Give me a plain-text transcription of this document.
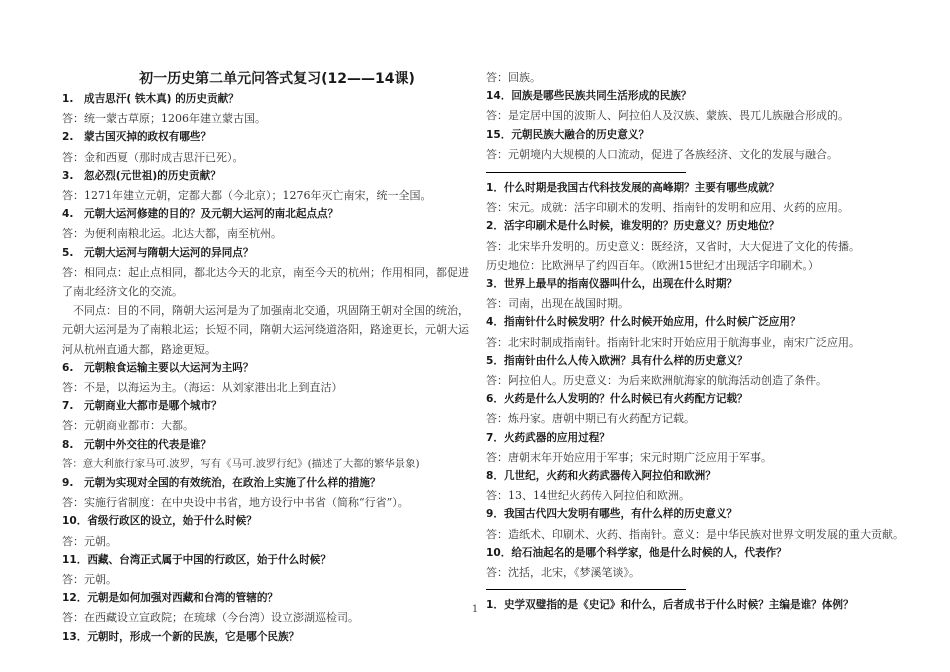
初一历史第二单元问答式复习(12——14课)
1.　成吉思汗( 铁木真) 的历史贡献？
答：统一蒙古草原；1206年建立蒙古国。
2.　蒙古国灭掉的政权有哪些？
答：金和西夏（那时成吉思汗已死）。
3.　忽必烈(元世祖)的历史贡献？
答：1271年建立元朝，定都大都（今北京）；1276年灭亡南宋，统一全国。
4.　元朝大运河修建的目的？及元朝大运河的南北起点点？
答：为便利南粮北运。北达大都，南至杭州。
5.　元朝大运河与隋朝大运河的异同点？
答：相同点：起止点相同，都北达今天的北京，南至今天的杭州；作用相同，都促进了南北经济文化的交流。
不同点：目的不同，隋朝大运河是为了加强南北交通，巩固隋王朝对全国的统治，元朝大运河是为了南粮北运；长短不同，隋朝大运河绕道洛阳，路途更长，元朝大运河从杭州直通大都，路途更短。
6.　元朝粮食运输主要以大运河为主吗？
答：不是，以海运为主。（海运：从刘家港出北上到直沽）
7.　元朝商业大都市是哪个城市？
答：元朝商业都市：大都。
8.　元朝中外交往的代表是谁？
答：意大利旅行家马可.波罗，写有《马可.波罗行纪》(描述了大都的繁华景象)
9.　元朝为实现对全国的有效统治，在政治上实施了什么样的措施？
答：实施行省制度：在中央设中书省，地方设行中书省（简称“行省”）。
10．省级行政区的设立，始于什么时候？
答：元朝。
11．西藏、台湾正式属于中国的行政区，始于什么时候？
答：元朝。
12．元朝是如何加强对西藏和台湾的管辖的？
答：在西藏设立宣政院；在琉球（今台湾）设立澎湖巡检司。
13．元朝时，形成一个新的民族，它是哪个民族？
答：回族。
14．回族是哪些民族共同生活形成的民族？
答：是定居中国的波斯人、阿拉伯人及汉族、蒙族、畏兀儿族融合形成的。
15．元朝民族大融合的历史意义？
答：元朝境内大规模的人口流动，促进了各族经济、文化的发展与融合。
1．什么时期是我国古代科技发展的高峰期？主要有哪些成就？
答：宋元。成就：活字印刷术的发明、指南针的发明和应用、火药的应用。
2．活字印刷术是什么时候，谁发明的？历史意义？历史地位？
答：北宋毕升发明的。历史意义：既经济，又省时，大大促进了文化的传播。
历史地位：比欧洲早了约四百年。（欧洲15世纪才出现活字印刷术。）
3．世界上最早的指南仪器叫什么，出现在什么时期？
答：司南，出现在战国时期。
4．指南针什么时候发明？什么时候开始应用，什么时候广泛应用？
答：北宋时制成指南针。指南针北宋时开始应用于航海事业，南宋广泛应用。
5．指南针由什么人传入欧洲？具有什么样的历史意义？
答：阿拉伯人。历史意义：为后来欧洲航海家的航海活动创造了条件。
6．火药是什么人发明的？什么时候已有火药配方记载？
答：炼丹家。唐朝中期已有火药配方记载。
7．火药武器的应用过程？
答：唐朝末年开始应用于军事；宋元时期广泛应用于军事。
8．几世纪，火药和火药武器传入阿拉伯和欧洲？
答：13、14世纪火药传入阿拉伯和欧洲。
9．我国古代四大发明有哪些，有什么样的历史意义？
答：造纸术、印刷术、火药、指南针。意义：是中华民族对世界文明发展的重大贡献。
10．给石油起名的是哪个科学家，他是什么时候的人，代表作？
答：沈括，北宋，《梦溪笔谈》。
1．史学双璧指的是《史记》和什么，后者成书于什么时候？主编是谁？体例？
1
